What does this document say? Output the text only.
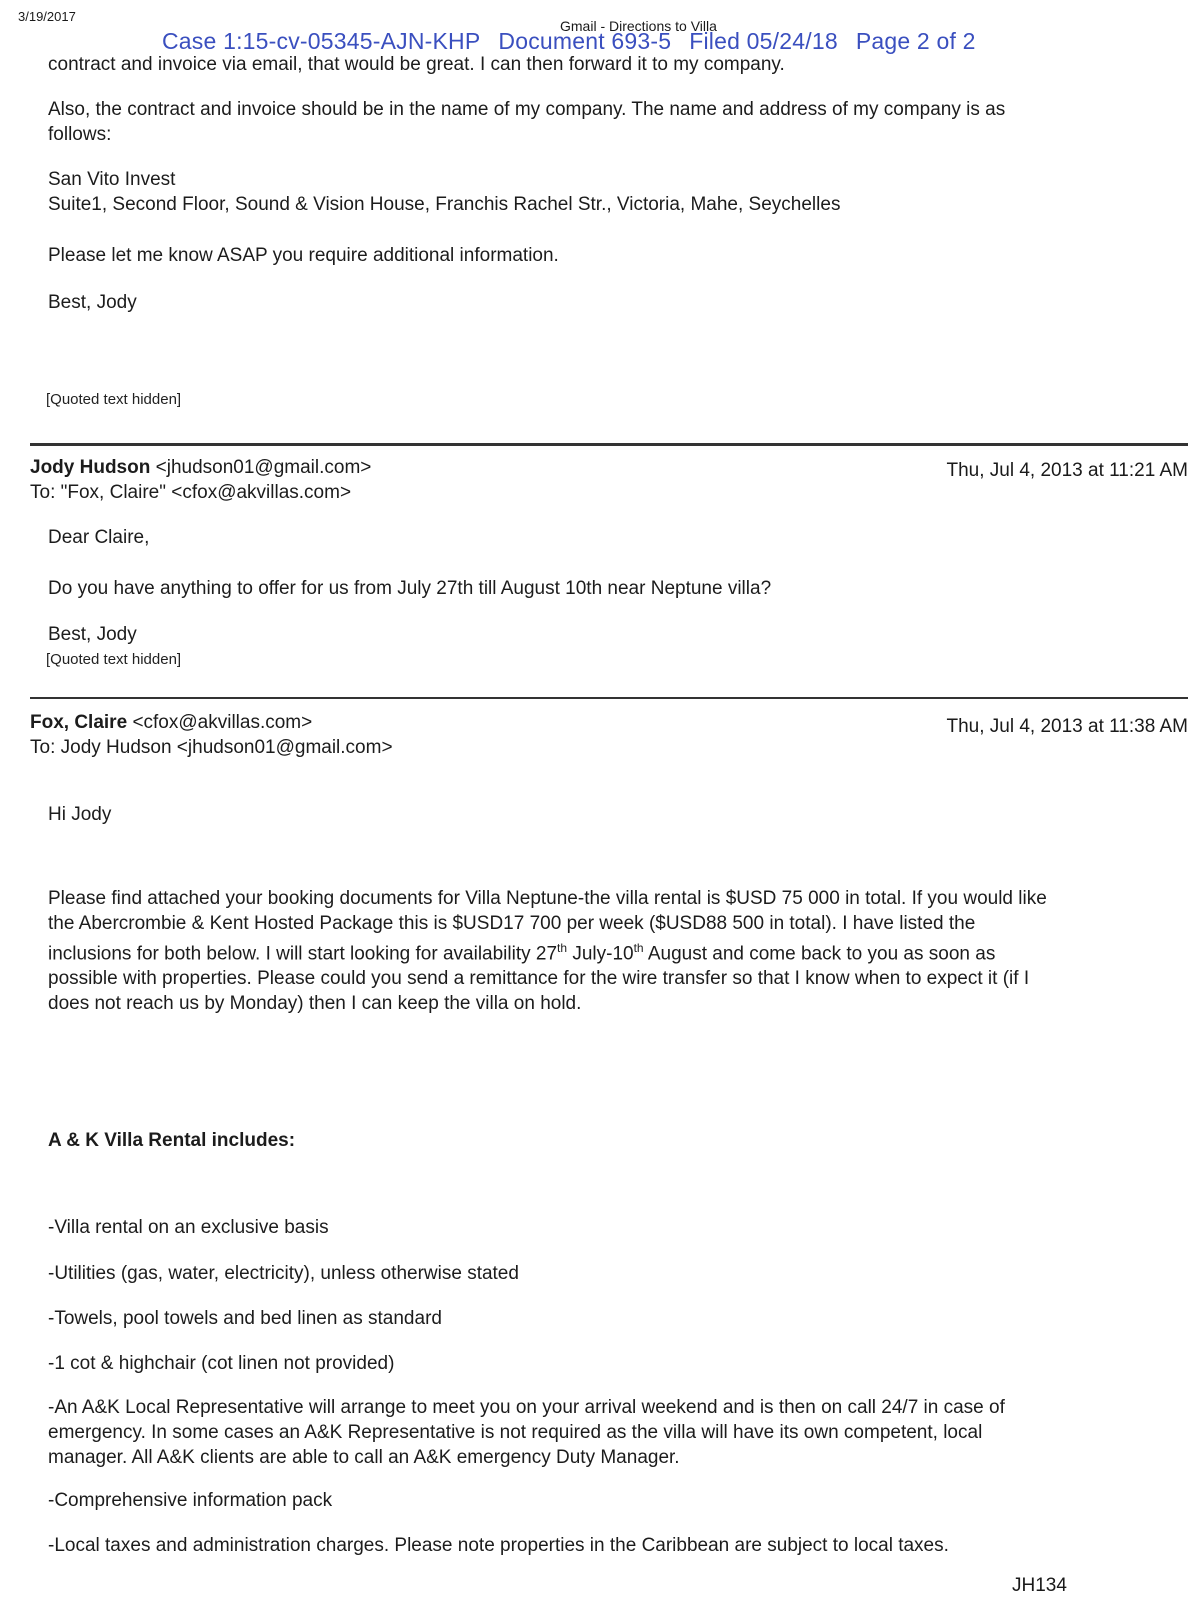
3/19/2017
Gmail - Directions to Villa
Case 1:15-cv-05345-AJN-KHP Document 693-5 Filed 05/24/18 Page 2 of 2
contract and invoice via email, that would be great. I can then forward it to my company.
Also, the contract and invoice should be in the name of my company. The name and address of my company is as
follows:
San Vito Invest
Suite1, Second Floor, Sound & Vision House, Franchis Rachel Str., Victoria, Mahe, Seychelles
Please let me know ASAP you require additional information.
Best, Jody
[Quoted text hidden]
Jody Hudson <jhudson01@gmail.com>
To: "Fox, Claire" <cfox@akvillas.com>
Thu, Jul 4, 2013 at 11:21 AM
Dear Claire,
Do you have anything to offer for us from July 27th till August 10th near Neptune villa?
Best, Jody
[Quoted text hidden]
Fox, Claire <cfox@akvillas.com>
To: Jody Hudson <jhudson01@gmail.com>
Thu, Jul 4, 2013 at 11:38 AM
Hi Jody
Please find attached your booking documents for Villa Neptune-the villa rental is $USD 75 000 in total. If you would like
the Abercrombie & Kent Hosted Package this is $USD17 700 per week ($USD88 500 in total). I have listed the
inclusions for both below. I will start looking for availability 27th July-10th August and come back to you as soon as
possible with properties. Please could you send a remittance for the wire transfer so that I know when to expect it (if I
does not reach us by Monday) then I can keep the villa on hold.
A & K Villa Rental includes:
-Villa rental on an exclusive basis
-Utilities (gas, water, electricity), unless otherwise stated
-Towels, pool towels and bed linen as standard
-1 cot & highchair (cot linen not provided)
-An A&K Local Representative will arrange to meet you on your arrival weekend and is then on call 24/7 in case of
emergency. In some cases an A&K Representative is not required as the villa will have its own competent, local
manager. All A&K clients are able to call an A&K emergency Duty Manager.
-Comprehensive information pack
-Local taxes and administration charges. Please note properties in the Caribbean are subject to local taxes.
JH134
